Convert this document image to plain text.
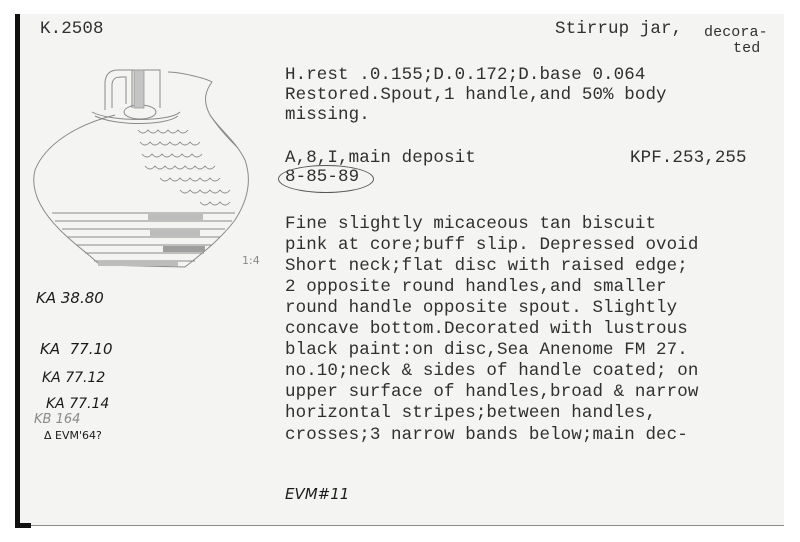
K.2508	Stirrup jar, decora-
ted
H.rest .0.155;D.0.172;D.base 0.064
Restored.Spout,1 handle,and 50% body
missing.
A,8,I,main deposit	KPF.253,255
8-85-89
Fine slightly micaceous tan biscuit
pink at core;buff slip. Depressed ovoid
Short neck;flat disc with raised edge;
2 opposite round handles,and smaller
round handle opposite spout. Slightly
concave bottom.Decorated with lustrous
black paint:on disc,Sea Anenome FM 27.
no.10;neck & sides of handle coated; on
upper surface of handles,broad & narrow
horizontal stripes;between handles,
crosses;3 narrow bands below;main dec-
1:4
KA 38.80
KA  77.10
KA 77.12
KA 77.14
KB 164
Δ EVM'64?
EVM#11
